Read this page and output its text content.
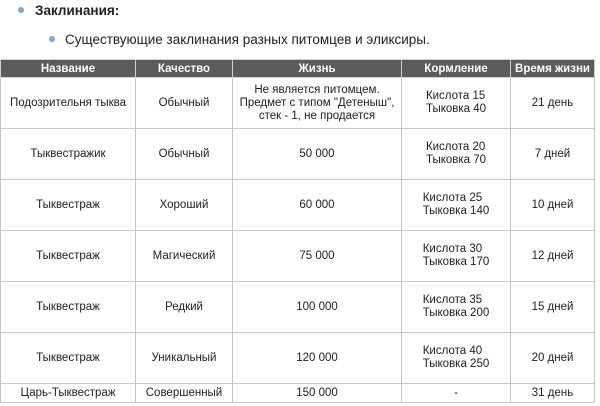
Заклинания:
Существующие заклинания разных питомцев и эликсиры.
Название	Качество	Жизнь	Кормление	Время жизни
Подозрительня тыква	Обычный	Не является питомцем.
Предмет с типом "Детеныш",
стек - 1, не продается	Кислота 15
Тыковка 40	21 день
Тыквестражик	Обычный	50 000	Кислота 20
Тыковка 70	7 дней
Тыквестраж	Хороший	60 000	Кислота 25
Тыковка 140	10 дней
Тыквестраж	Магический	75 000	Кислота 30
Тыковка 170	12 дней
Тыквестраж	Редкий	100 000	Кислота 35
Тыковка 200	15 дней
Тыквестраж	Уникальный	120 000	Кислота 40
Тыковка 250	20 дней
Царь-Тыквестраж	Совершенный	150 000	-	31 день
